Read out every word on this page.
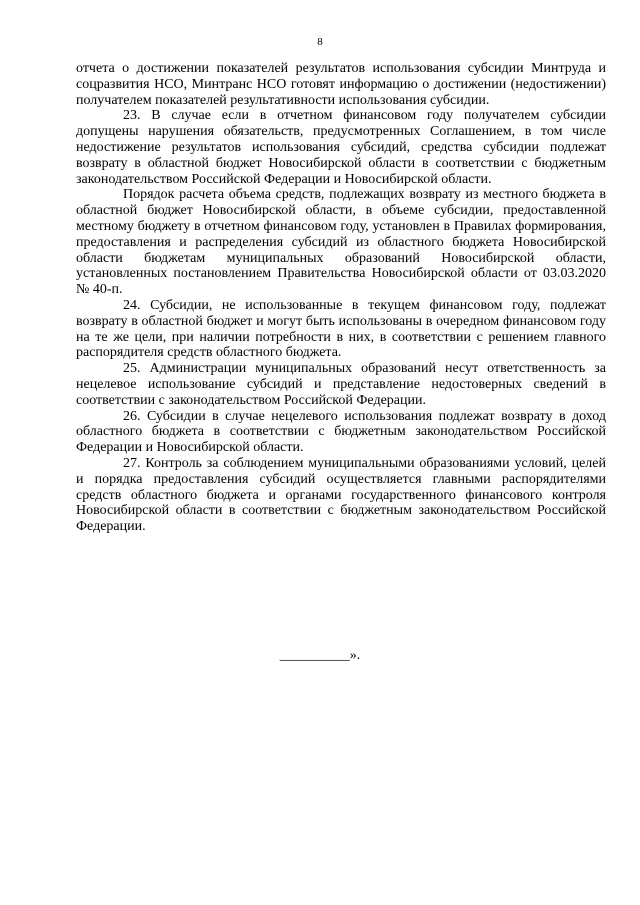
8

отчета о достижении показателей результатов использования субсидии Минтруда и соцразвития НСО, Минтранс НСО готовят информацию о достижении (недостижении) получателем показателей результативности использования субсидии.

23. В случае если в отчетном финансовом году получателем субсидии допущены нарушения обязательств, предусмотренных Соглашением, в том числе недостижение результатов использования субсидий, средства субсидии подлежат возврату в областной бюджет Новосибирской области в соответствии с бюджетным законодательством Российской Федерации и Новосибирской области.

Порядок расчета объема средств, подлежащих возврату из местного бюджета в областной бюджет Новосибирской области, в объеме субсидии, предоставленной местному бюджету в отчетном финансовом году, установлен в Правилах формирования, предоставления и распределения субсидий из областного бюджета Новосибирской области бюджетам муниципальных образований Новосибирской области, установленных постановлением Правительства Новосибирской области от 03.03.2020 № 40-п.

24. Субсидии, не использованные в текущем финансовом году, подлежат возврату в областной бюджет и могут быть использованы в очередном финансовом году на те же цели, при наличии потребности в них, в соответствии с решением главного распорядителя средств областного бюджета.

25. Администрации муниципальных образований несут ответственность за нецелевое использование субсидий и представление недостоверных сведений в соответствии с законодательством Российской Федерации.

26. Субсидии в случае нецелевого использования подлежат возврату в доход областного бюджета в соответствии с бюджетным законодательством Российской Федерации и Новосибирской области.

27. Контроль за соблюдением муниципальными образованиями условий, целей и порядка предоставления субсидий осуществляется главными распорядителями средств областного бюджета и органами государственного финансового контроля Новосибирской области в соответствии с бюджетным законодательством Российской Федерации.

__________».
